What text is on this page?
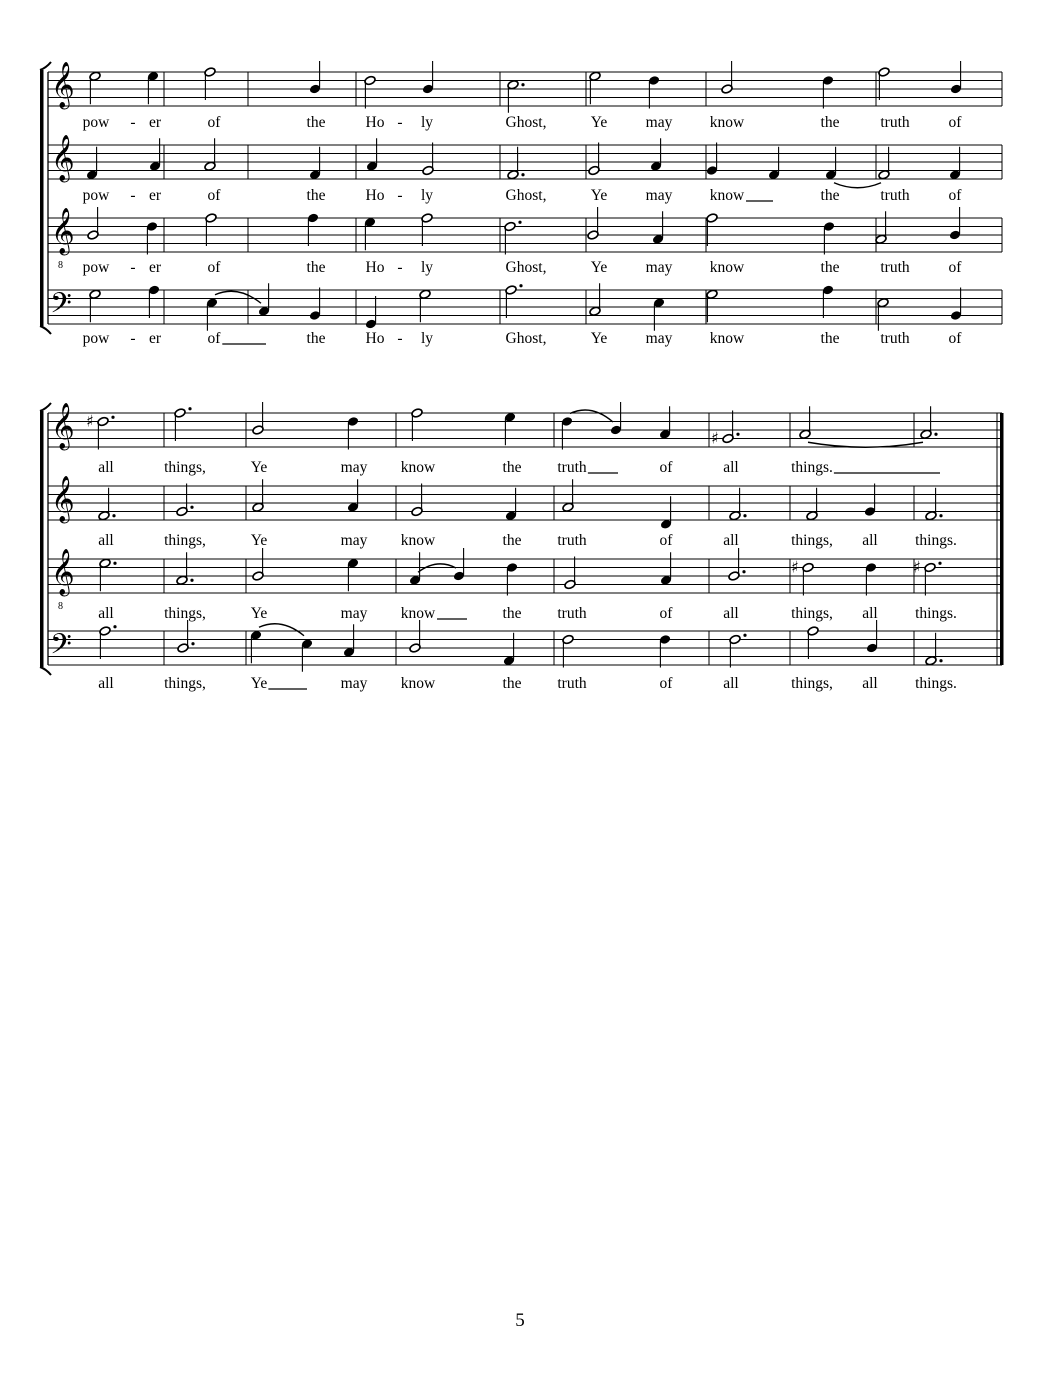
𝄞
pow - er	of	the	Ho - ly	Ghost,	Ye may know	the	truth	of
𝄞
pow - er	of	the	Ho - ly	Ghost,	Ye may know	the	truth	of
𝄞
8 pow - er	of	the	Ho - ly	Ghost,	Ye may know	the	truth	of
𝄢
pow - er	of	the	Ho - ly	Ghost,	Ye may know	the	truth	of
𝄞 ♯
♯
all	things,	Ye	may know	the truth	of	all	things.
𝄞
all	things,	Ye	may know	the truth	of	all	things, all things.
𝄞
8
♯	♯
all	things,	Ye	may know	the truth	of	all	things, all things.
𝄢
all	things,	Ye	may know	the truth	of	all	things, all things.
5
